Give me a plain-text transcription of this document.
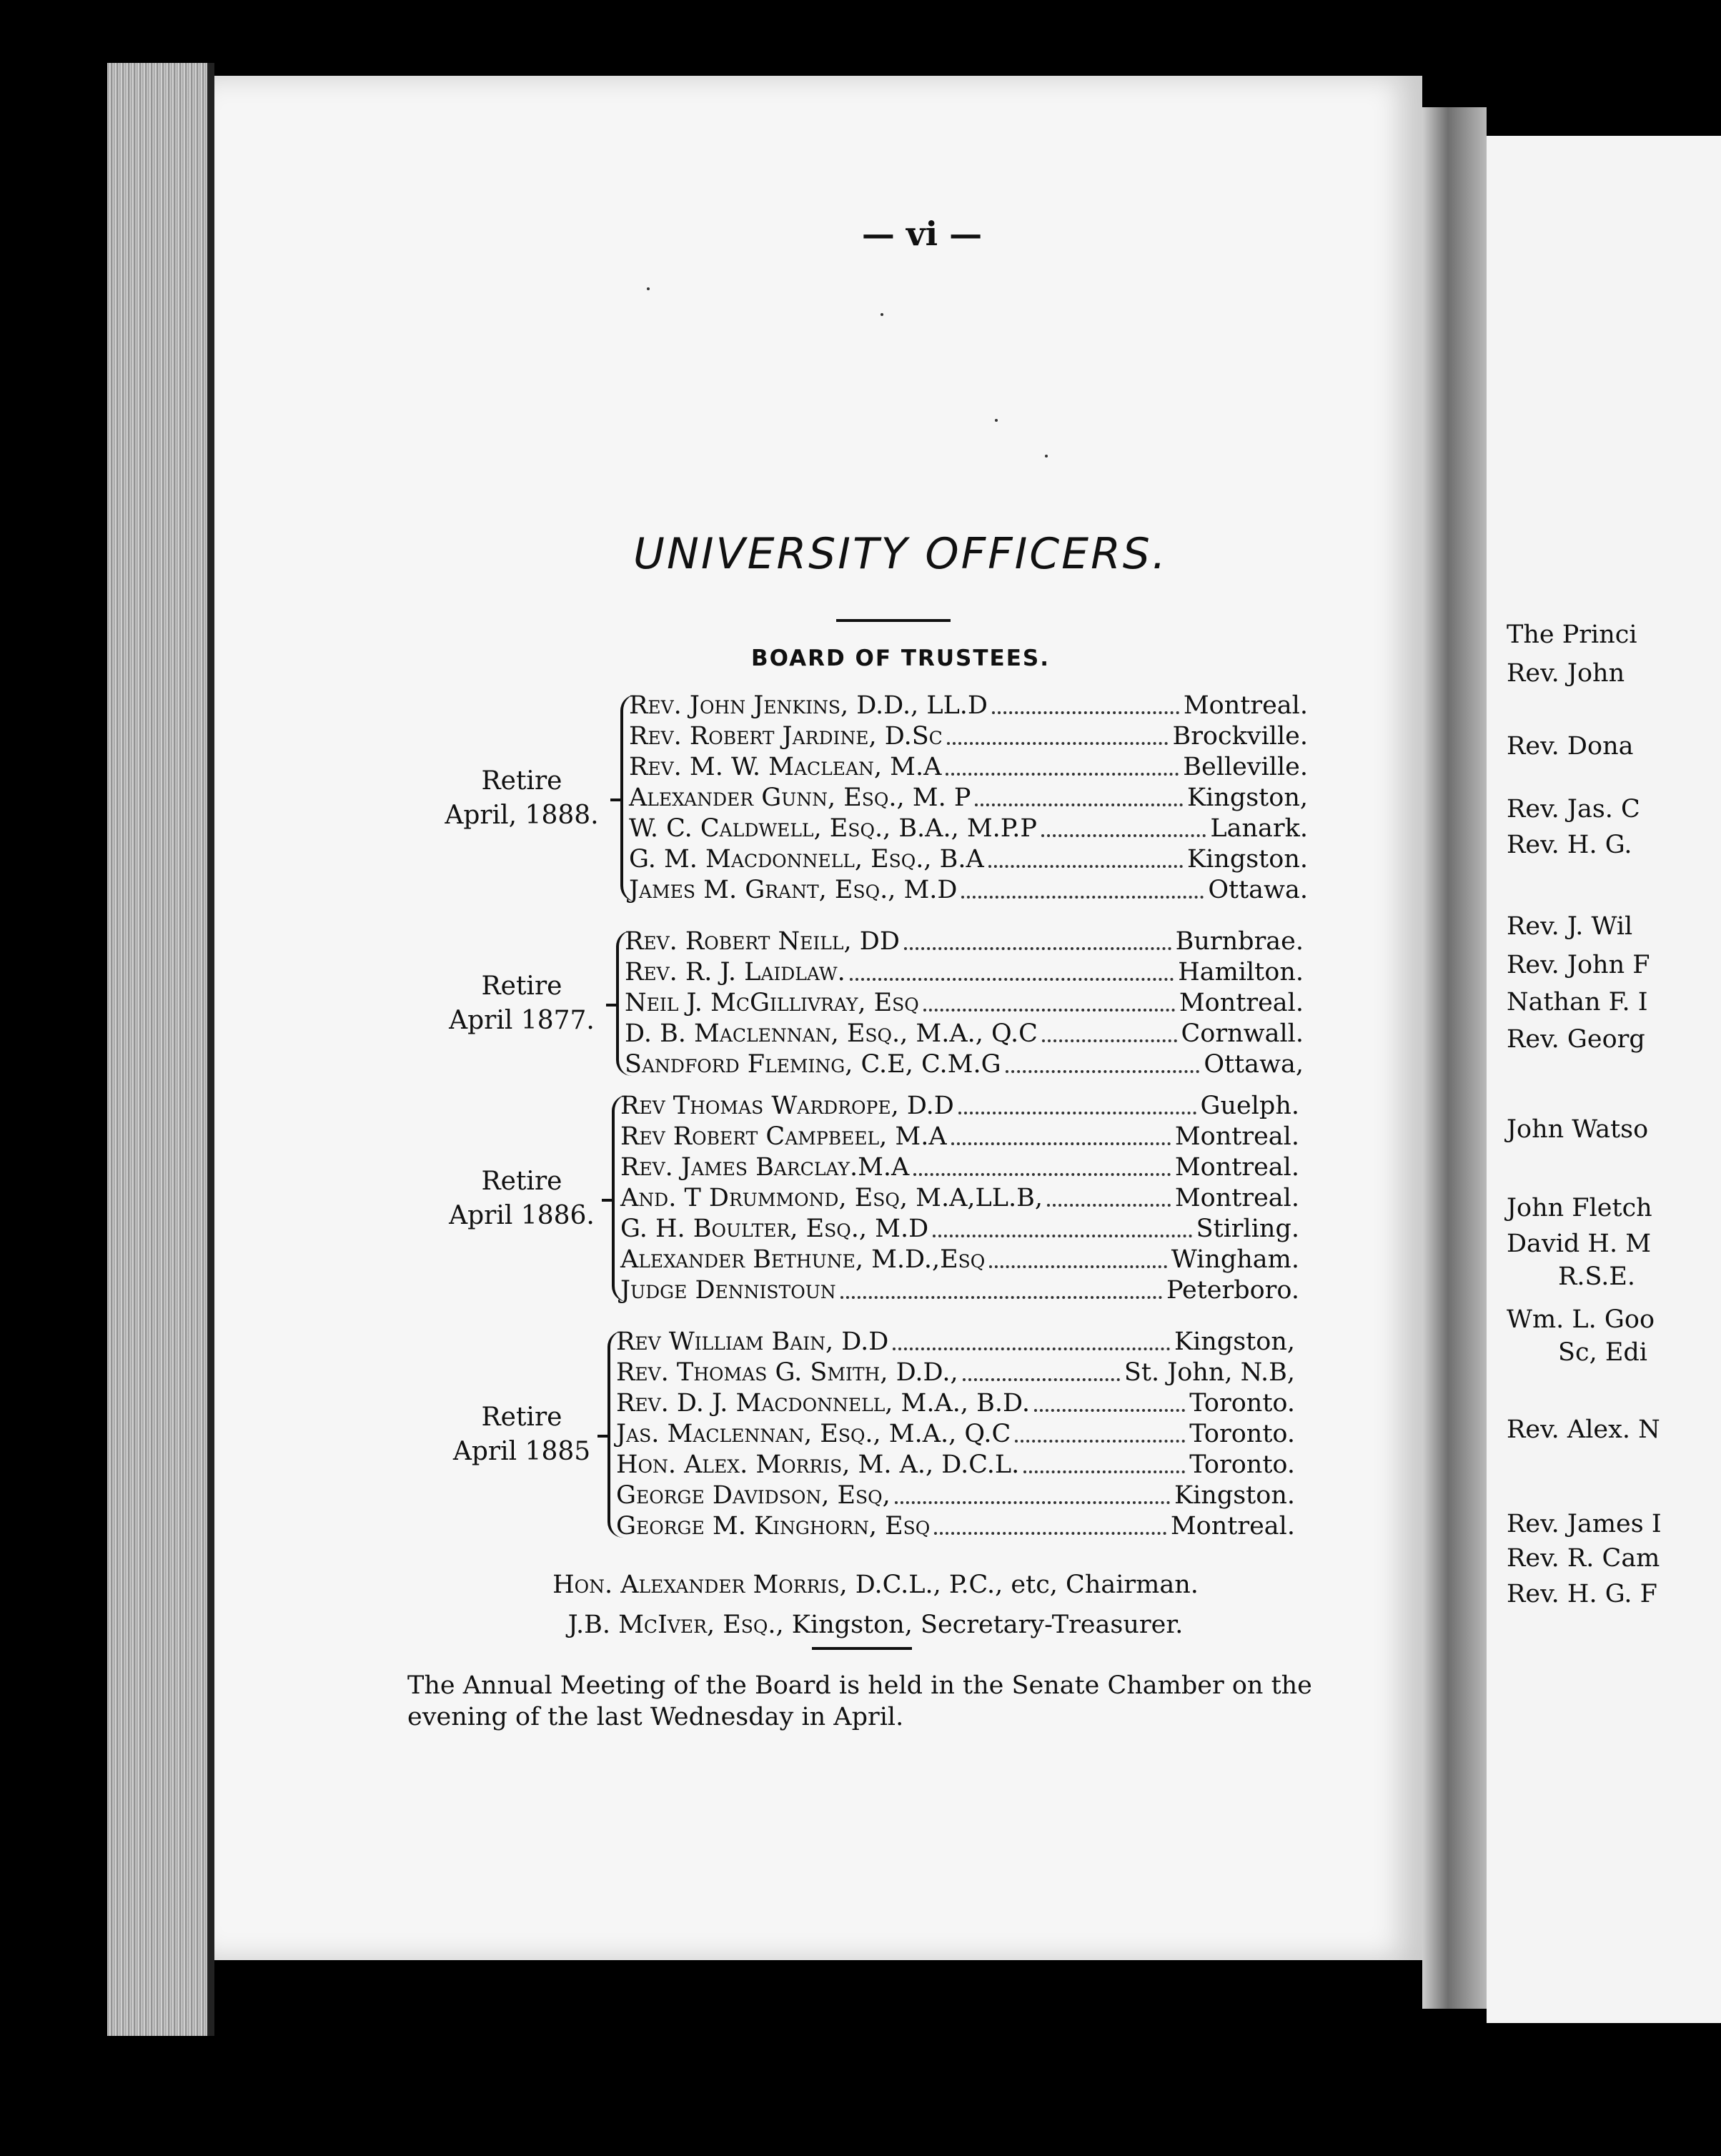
— vi —
UNIVERSITY OFFICERS.
BOARD OF TRUSTEES.
Retire
April, 1888.
Rev. John Jenkins, D.D., LL.D	Montreal.
Rev. Robert Jardine, D.Sc	Brockville.
Rev. M. W. Maclean, M.A	Belleville.
Alexander Gunn, Esq., M. P	Kingston,
W. C. Caldwell, Esq., B.A., M.P.P	Lanark.
G. M. Macdonnell, Esq., B.A	Kingston.
James M. Grant, Esq., M.D	Ottawa.
Retire
April 1877.
Rev. Robert Neill, DD	Burnbrae.
Rev. R. J. Laidlaw.	Hamilton.
Neil J. McGillivray, Esq	Montreal.
D. B. Maclennan, Esq., M.A., Q.C	Cornwall.
Sandford Fleming, C.E, C.M.G	Ottawa,
Retire
April 1886.
Rev Thomas Wardrope, D.D	Guelph.
Rev Robert Campbeel, M.A	Montreal.
Rev. James Barclay.M.A	Montreal.
And. T Drummond, Esq, M.A,LL.B,	Montreal.
G. H. Boulter, Esq., M.D	Stirling.
Alexander Bethune, M.D.,Esq	Wingham.
Judge Dennistoun	Peterboro.
Retire
April 1885
Rev William Bain, D.D	Kingston,
Rev. Thomas G. Smith, D.D.,	St. John, N.B,
Rev. D. J. Macdonnell, M.A., B.D.	Toronto.
Jas. Maclennan, Esq., M.A., Q.C	Toronto.
Hon. Alex. Morris, M. A., D.C.L.	Toronto.
George Davidson, Esq,	Kingston.
George M. Kinghorn, Esq	Montreal.
Hon. Alexander Morris, D.C.L., P.C., etc, Chairman.
J.B. McIver, Esq., Kingston, Secretary-Treasurer.
The Annual Meeting of the Board is held in the Senate Chamber on the evening of the last Wednesday in April.
The Princi
Rev. John
Rev. Dona
Rev. Jas. C
Rev. H. G.
Rev. J. Wil
Rev. John F
Nathan F. I
Rev. Georg
John Watso
John Fletch
David H. M
R.S.E.
Wm. L. Goo
Sc, Edi
Rev. Alex. N
Rev. James I
Rev. R. Cam
Rev. H. G. F
